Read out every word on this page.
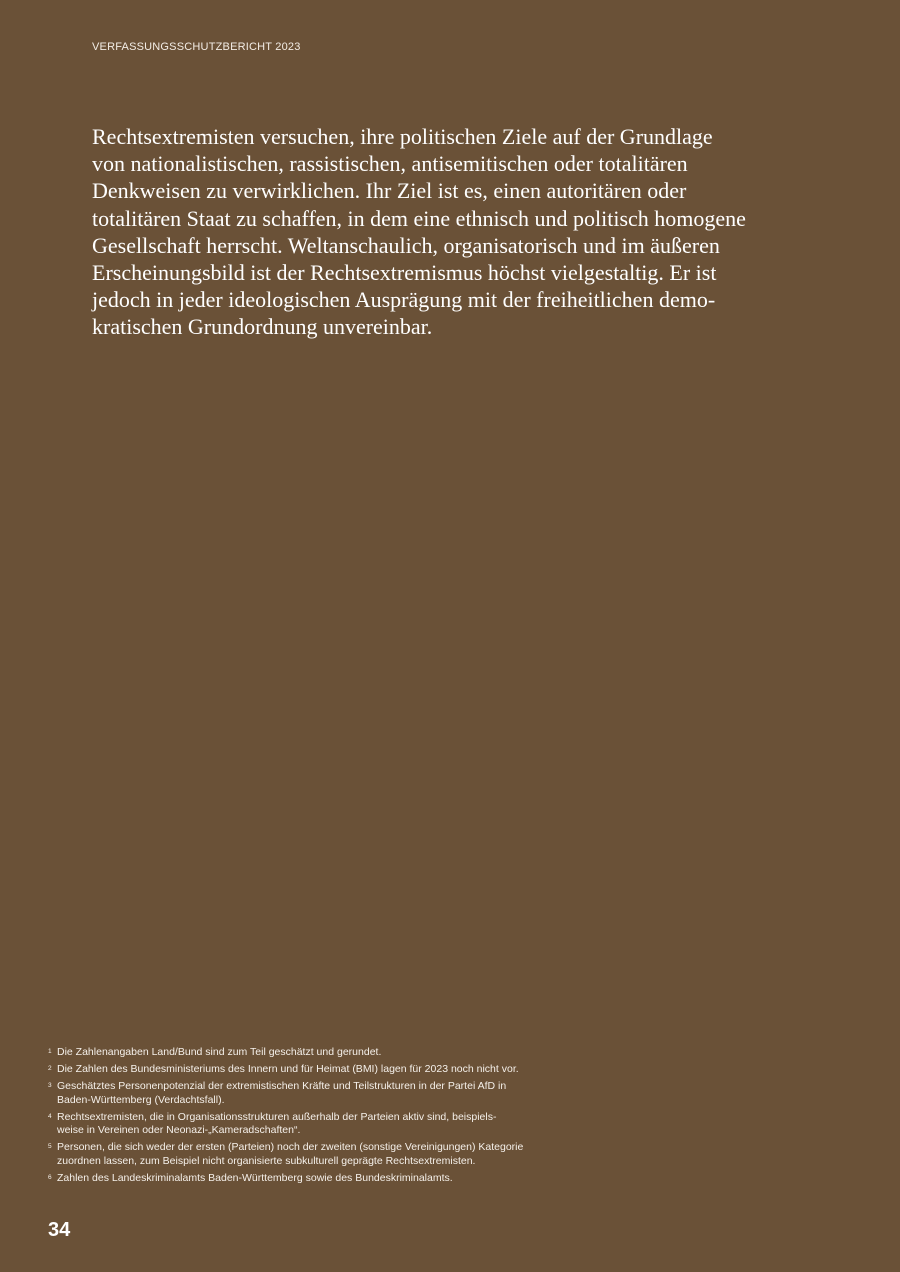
VERFASSUNGSSCHUTZBERICHT 2023

Rechtsextremisten versuchen, ihre politischen Ziele auf der Grundlage
von nationalistischen, rassistischen, antisemitischen oder totalitären
Denkweisen zu verwirklichen. Ihr Ziel ist es, einen autoritären oder
totalitären Staat zu schaffen, in dem eine ethnisch und politisch homogene
Gesellschaft herrscht. Weltanschaulich, organisatorisch und im äußeren
Erscheinungsbild ist der Rechtsextremismus höchst vielgestaltig. Er ist
jedoch in jeder ideologischen Ausprägung mit der freiheitlichen demo-
kratischen Grundordnung unvereinbar.

1 Die Zahlenangaben Land/Bund sind zum Teil geschätzt und gerundet.
2 Die Zahlen des Bundesministeriums des Innern und für Heimat (BMI) lagen für 2023 noch nicht vor.
3 Geschätztes Personenpotenzial der extremistischen Kräfte und Teilstrukturen in der Partei AfD in
Baden-Württemberg (Verdachtsfall).
4 Rechtsextremisten, die in Organisationsstrukturen außerhalb der Parteien aktiv sind, beispiels-
weise in Vereinen oder Neonazi-„Kameradschaften“.
5 Personen, die sich weder der ersten (Parteien) noch der zweiten (sonstige Vereinigungen) Kategorie
zuordnen lassen, zum Beispiel nicht organisierte subkulturell geprägte Rechtsextremisten.
6 Zahlen des Landeskriminalamts Baden-Württemberg sowie des Bundeskriminalamts.
34
